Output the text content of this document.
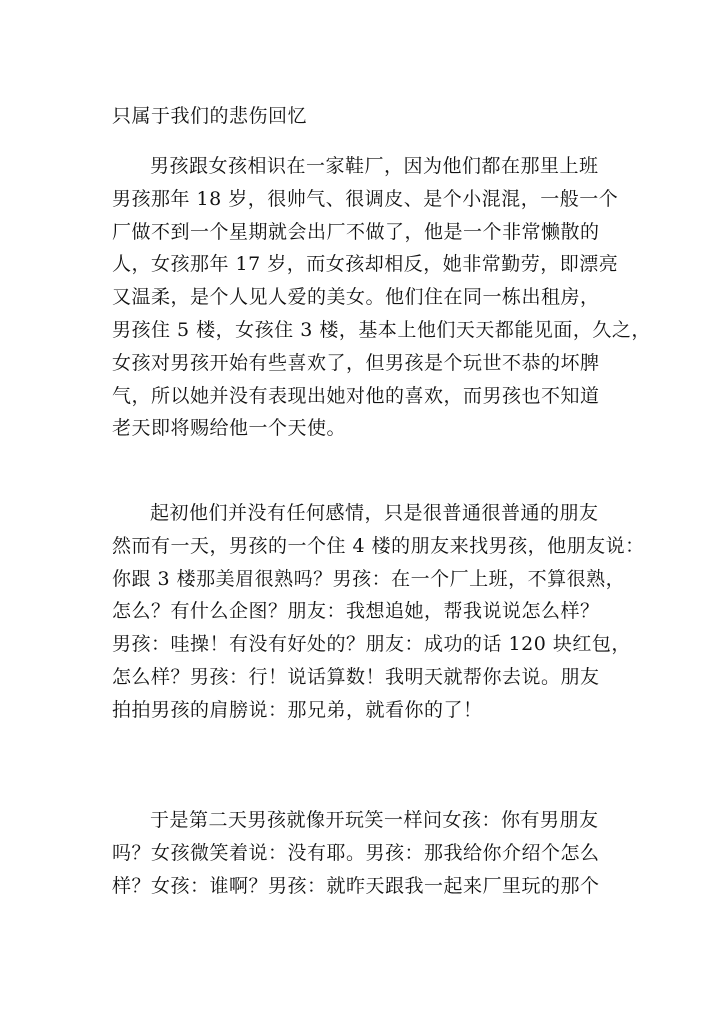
只属于我们的悲伤回忆
男孩跟女孩相识在一家鞋厂，因为他们都在那里上班
男孩那年 18 岁，很帅气、很调皮、是个小混混，一般一个
厂做不到一个星期就会出厂不做了，他是一个非常懒散的
人，女孩那年 17 岁，而女孩却相反，她非常勤劳，即漂亮
又温柔，是个人见人爱的美女。他们住在同一栋出租房，
男孩住 5 楼，女孩住 3 楼，基本上他们天天都能见面，久之，
女孩对男孩开始有些喜欢了，但男孩是个玩世不恭的坏脾
气，所以她并没有表现出她对他的喜欢，而男孩也不知道
老天即将赐给他一个天使。
起初他们并没有任何感情，只是很普通很普通的朋友
然而有一天，男孩的一个住 4 楼的朋友来找男孩，他朋友说：
你跟 3 楼那美眉很熟吗？男孩：在一个厂上班，不算很熟，
怎么？有什么企图？朋友：我想追她，帮我说说怎么样？
男孩：哇操！有没有好处的？朋友：成功的话 120 块红包，
怎么样？男孩：行！说话算数！我明天就帮你去说。朋友
拍拍男孩的肩膀说：那兄弟，就看你的了！
于是第二天男孩就像开玩笑一样问女孩：你有男朋友
吗？女孩微笑着说：没有耶。男孩：那我给你介绍个怎么
样？女孩：谁啊？男孩：就昨天跟我一起来厂里玩的那个
